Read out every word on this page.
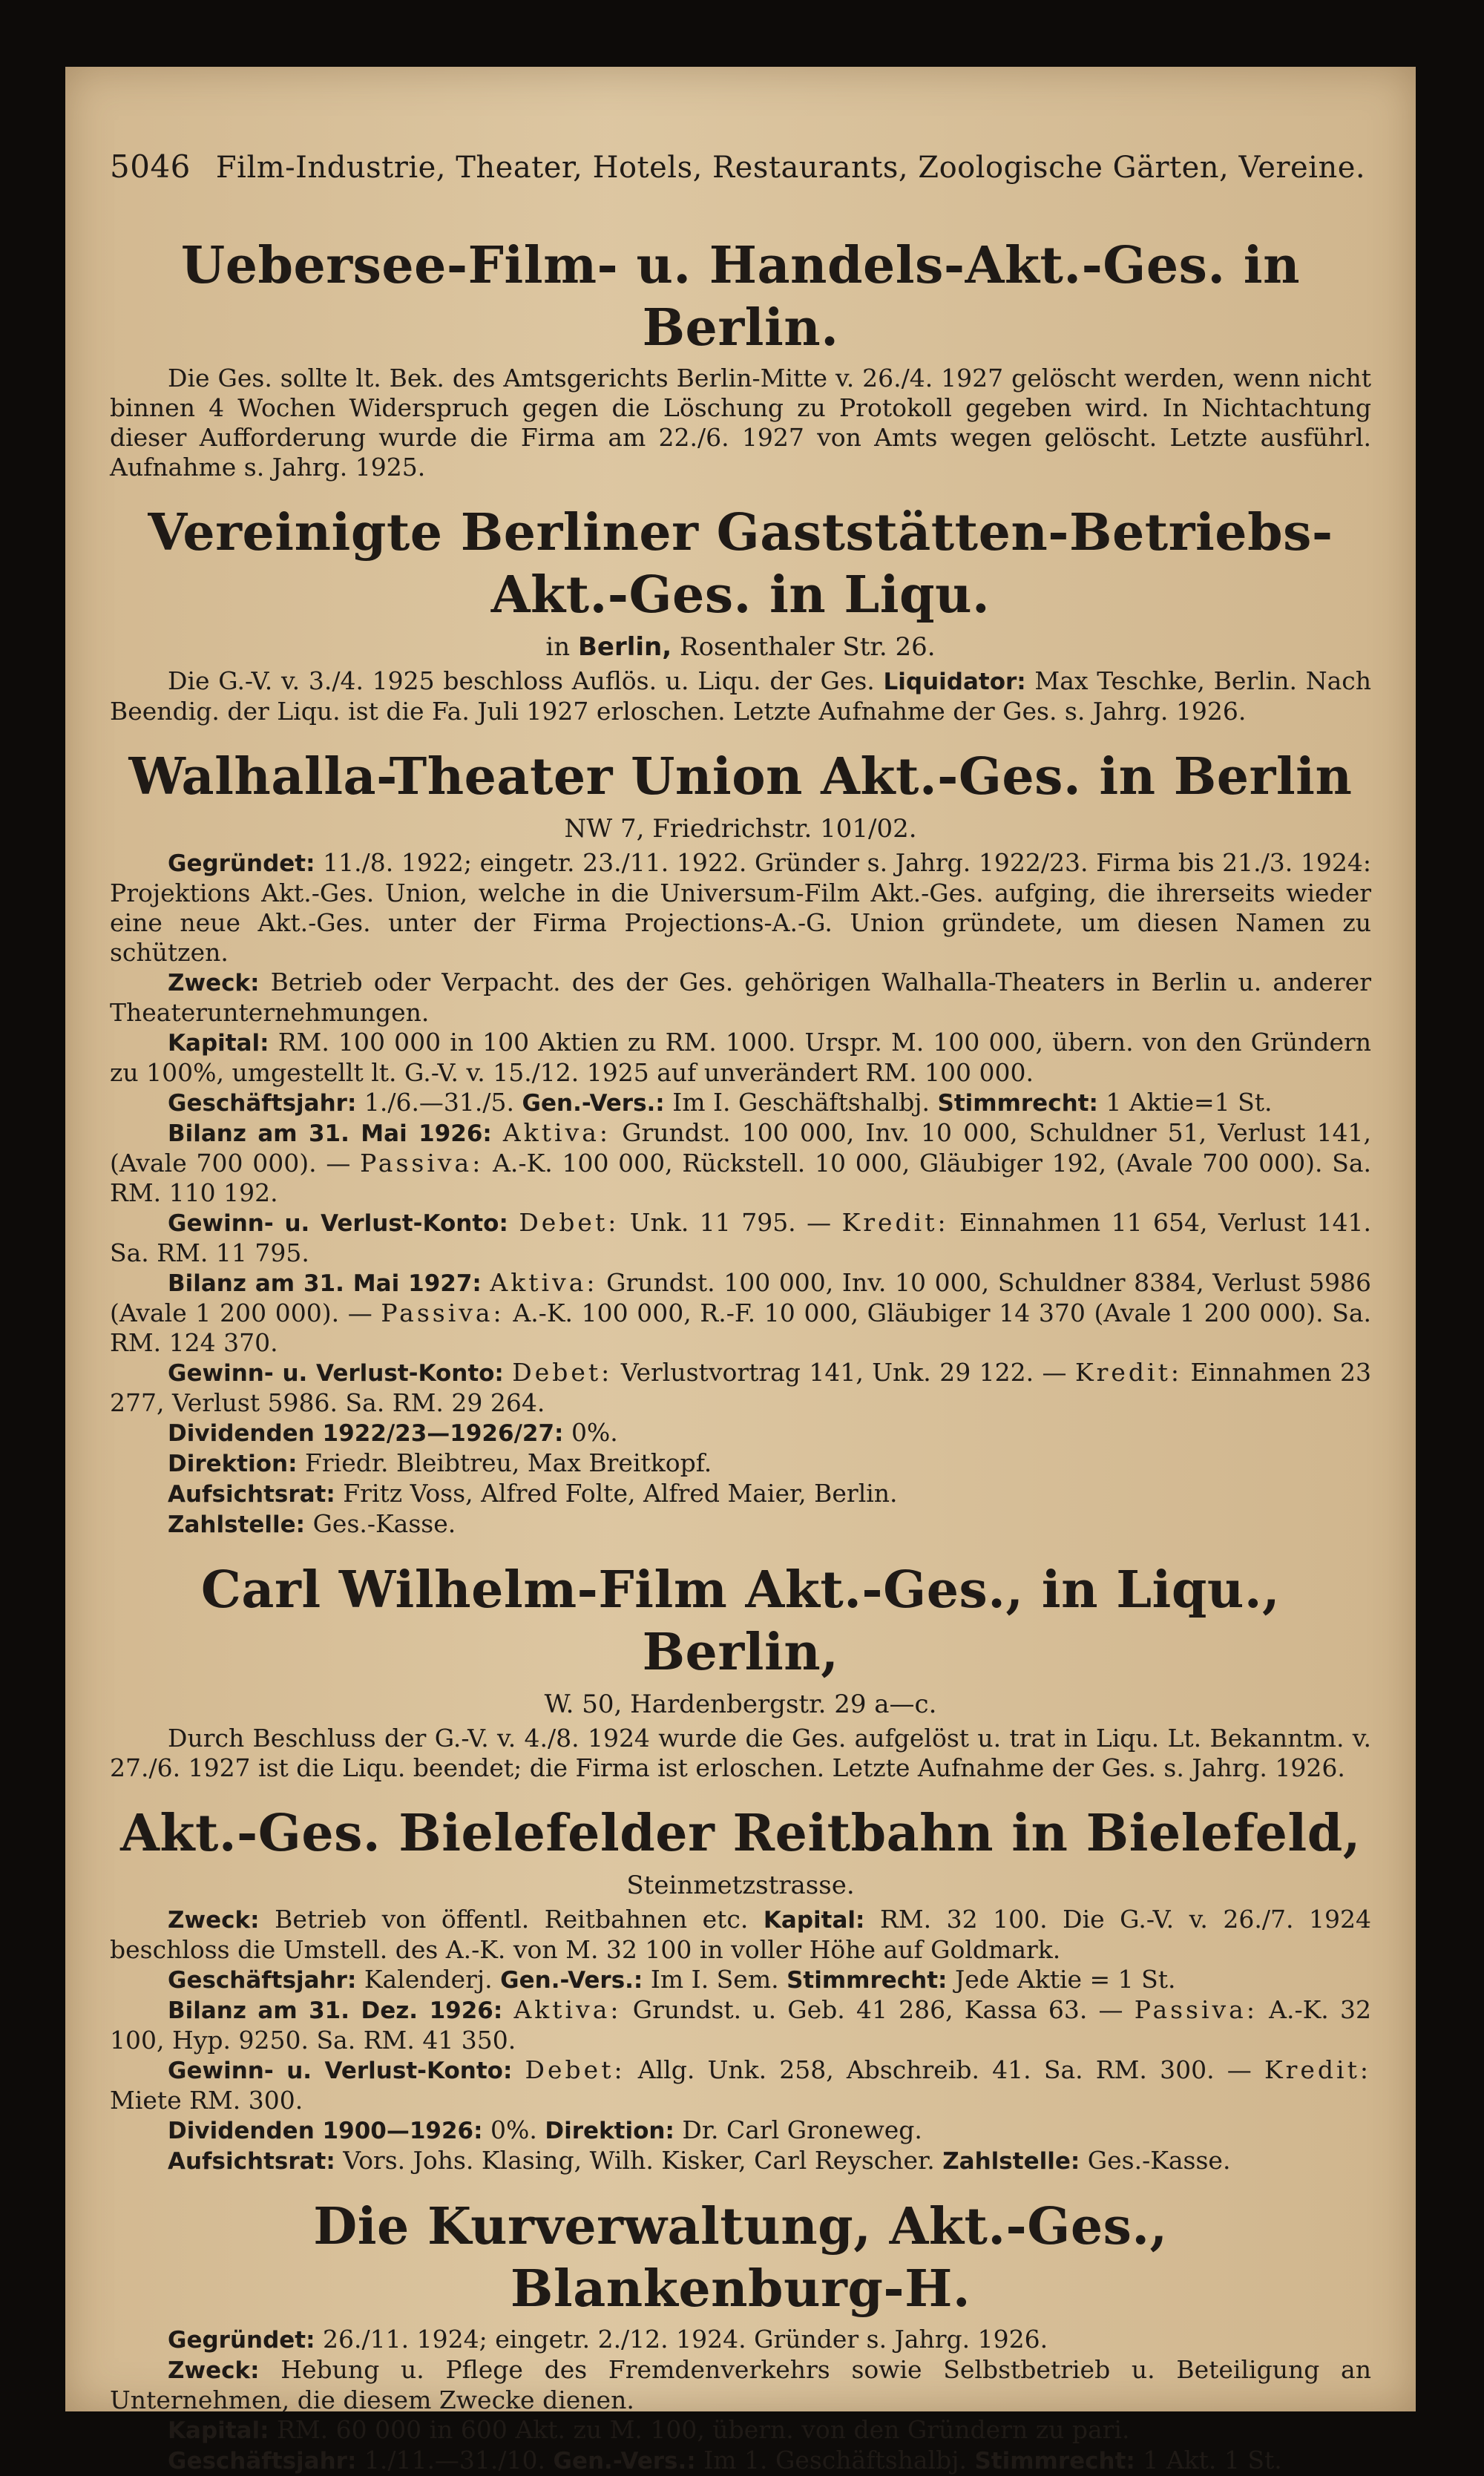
5046 Film-Industrie, Theater, Hotels, Restaurants, Zoologische Gärten, Vereine.
Uebersee-Film- u. Handels-Akt.-Ges. in Berlin.

Die Ges. sollte lt. Bek. des Amtsgerichts Berlin-Mitte v. 26./4. 1927 gelöscht werden, wenn nicht binnen 4 Wochen Widerspruch gegen die Löschung zu Protokoll gegeben wird. In Nichtachtung dieser Aufforderung wurde die Firma am 22./6. 1927 von Amts wegen gelöscht. Letzte ausführl. Aufnahme s. Jahrg. 1925.

Vereinigte Berliner Gaststätten-Betriebs-Akt.-Ges. in Liqu.
in Berlin, Rosenthaler Str. 26.

Die G.-V. v. 3./4. 1925 beschloss Auflös. u. Liqu. der Ges. Liquidator: Max Teschke, Berlin. Nach Beendig. der Liqu. ist die Fa. Juli 1927 erloschen. Letzte Aufnahme der Ges. s. Jahrg. 1926.

Walhalla-Theater Union Akt.-Ges. in Berlin
NW 7, Friedrichstr. 101/02.

Gegründet: 11./8. 1922; eingetr. 23./11. 1922. Gründer s. Jahrg. 1922/23. Firma bis 21./3. 1924: Projektions Akt.-Ges. Union, welche in die Universum-Film Akt.-Ges. aufging, die ihrerseits wieder eine neue Akt.-Ges. unter der Firma Projections-A.-G. Union gründete, um diesen Namen zu schützen.

Zweck: Betrieb oder Verpacht. des der Ges. gehörigen Walhalla-Theaters in Berlin u. anderer Theaterunternehmungen.

Kapital: RM. 100 000 in 100 Aktien zu RM. 1000. Urspr. M. 100 000, übern. von den Gründern zu 100%, umgestellt lt. G.-V. v. 15./12. 1925 auf unverändert RM. 100 000.

Geschäftsjahr: 1./6.—31./5. Gen.-Vers.: Im I. Geschäftshalbj. Stimmrecht: 1 Aktie=1 St.

Bilanz am 31. Mai 1926: Aktiva: Grundst. 100 000, Inv. 10 000, Schuldner 51, Verlust 141, (Avale 700 000). — Passiva: A.-K. 100 000, Rückstell. 10 000, Gläubiger 192, (Avale 700 000). Sa. RM. 110 192.

Gewinn- u. Verlust-Konto: Debet: Unk. 11 795. — Kredit: Einnahmen 11 654, Verlust 141. Sa. RM. 11 795.

Bilanz am 31. Mai 1927: Aktiva: Grundst. 100 000, Inv. 10 000, Schuldner 8384, Verlust 5986 (Avale 1 200 000). — Passiva: A.-K. 100 000, R.-F. 10 000, Gläubiger 14 370 (Avale 1 200 000). Sa. RM. 124 370.

Gewinn- u. Verlust-Konto: Debet: Verlustvortrag 141, Unk. 29 122. — Kredit: Einnahmen 23 277, Verlust 5986. Sa. RM. 29 264.

Dividenden 1922/23—1926/27: 0%.

Direktion: Friedr. Bleibtreu, Max Breitkopf.

Aufsichtsrat: Fritz Voss, Alfred Folte, Alfred Maier, Berlin.

Zahlstelle: Ges.-Kasse.

Carl Wilhelm-Film Akt.-Ges., in Liqu., Berlin,
W. 50, Hardenbergstr. 29 a—c.

Durch Beschluss der G.-V. v. 4./8. 1924 wurde die Ges. aufgelöst u. trat in Liqu. Lt. Bekanntm. v. 27./6. 1927 ist die Liqu. beendet; die Firma ist erloschen. Letzte Aufnahme der Ges. s. Jahrg. 1926.

Akt.-Ges. Bielefelder Reitbahn in Bielefeld,
Steinmetzstrasse.

Zweck: Betrieb von öffentl. Reitbahnen etc. Kapital: RM. 32 100. Die G.-V. v. 26./7. 1924 beschloss die Umstell. des A.-K. von M. 32 100 in voller Höhe auf Goldmark.

Geschäftsjahr: Kalenderj. Gen.-Vers.: Im I. Sem. Stimmrecht: Jede Aktie = 1 St.

Bilanz am 31. Dez. 1926: Aktiva: Grundst. u. Geb. 41 286, Kassa 63. — Passiva: A.-K. 32 100, Hyp. 9250. Sa. RM. 41 350.

Gewinn- u. Verlust-Konto: Debet: Allg. Unk. 258, Abschreib. 41. Sa. RM. 300. — Kredit: Miete RM. 300.

Dividenden 1900—1926: 0%. Direktion: Dr. Carl Groneweg.

Aufsichtsrat: Vors. Johs. Klasing, Wilh. Kisker, Carl Reyscher. Zahlstelle: Ges.-Kasse.

Die Kurverwaltung, Akt.-Ges., Blankenburg-H.

Gegründet: 26./11. 1924; eingetr. 2./12. 1924. Gründer s. Jahrg. 1926.

Zweck: Hebung u. Pflege des Fremdenverkehrs sowie Selbstbetrieb u. Beteiligung an Unternehmen, die diesem Zwecke dienen.

Kapital: RM. 60 000 in 600 Akt. zu M. 100, übern. von den Gründern zu pari.

Geschäftsjahr: 1./11.—31./10. Gen.-Vers.: Im 1. Geschäftshalbj. Stimmrecht: 1 Akt. 1 St.
